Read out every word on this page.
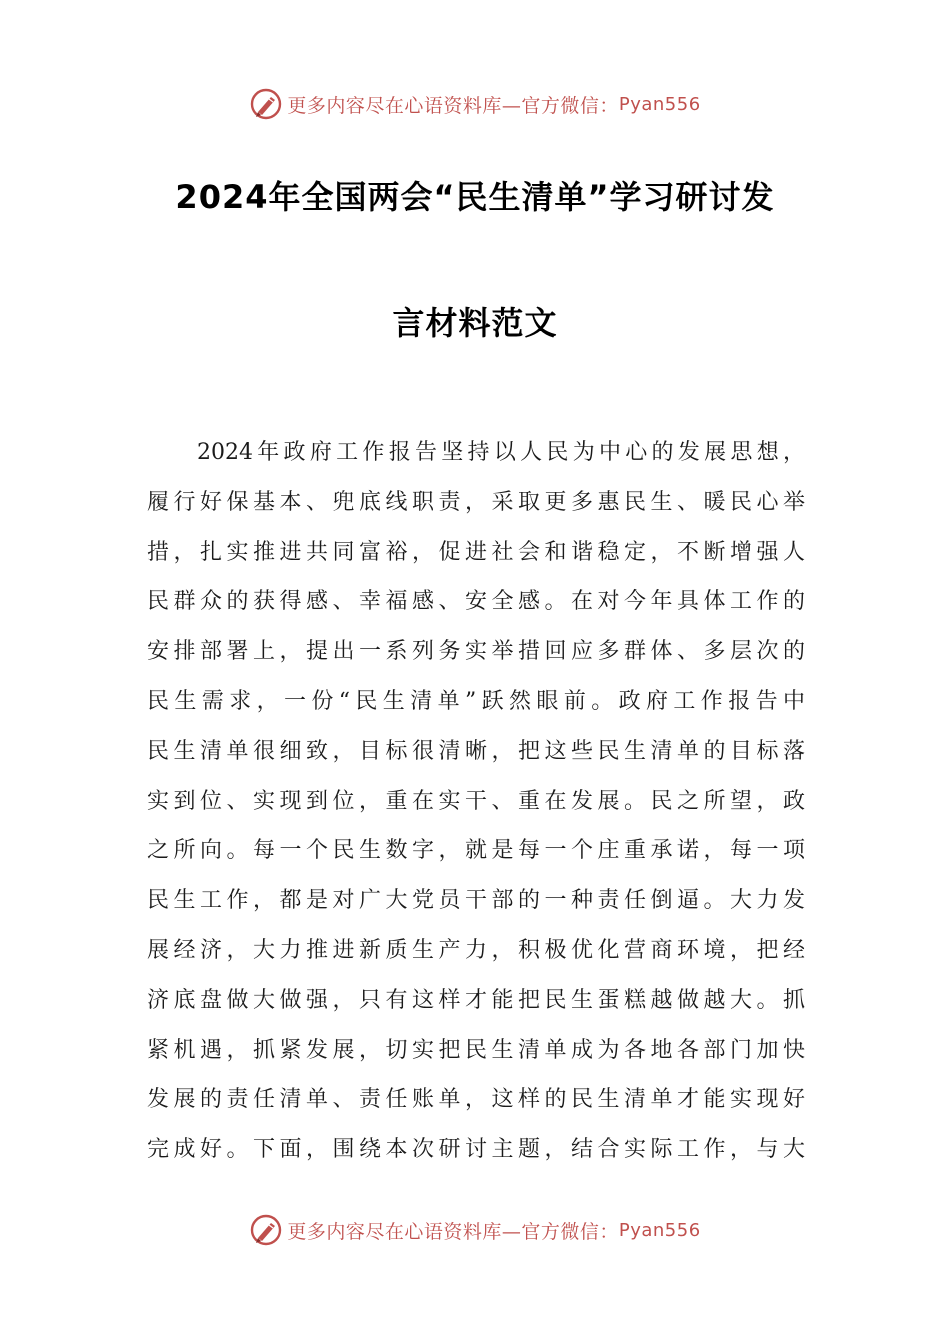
更多内容尽在心语资料库—官方微信： Pyan556
2024年全国两会“民生清单”学习研讨发
言材料范文
2024年政府工作报告坚持以人民为中心的发展思想，
履行好保基本、兜底线职责，采取更多惠民生、暖民心举
措，扎实推进共同富裕，促进社会和谐稳定，不断增强人
民群众的获得感、幸福感、安全感。在对今年具体工作的
安排部署上，提出一系列务实举措回应多群体、多层次的
民生需求，一份“民生清单”跃然眼前。政府工作报告中
民生清单很细致，目标很清晰，把这些民生清单的目标落
实到位、实现到位，重在实干、重在发展。民之所望，政
之所向。每一个民生数字，就是每一个庄重承诺，每一项
民生工作，都是对广大党员干部的一种责任倒逼。大力发
展经济，大力推进新质生产力，积极优化营商环境，把经
济底盘做大做强，只有这样才能把民生蛋糕越做越大。抓
紧机遇，抓紧发展，切实把民生清单成为各地各部门加快
发展的责任清单、责任账单，这样的民生清单才能实现好
完成好。下面，围绕本次研讨主题，结合实际工作，与大
更多内容尽在心语资料库—官方微信： Pyan556
